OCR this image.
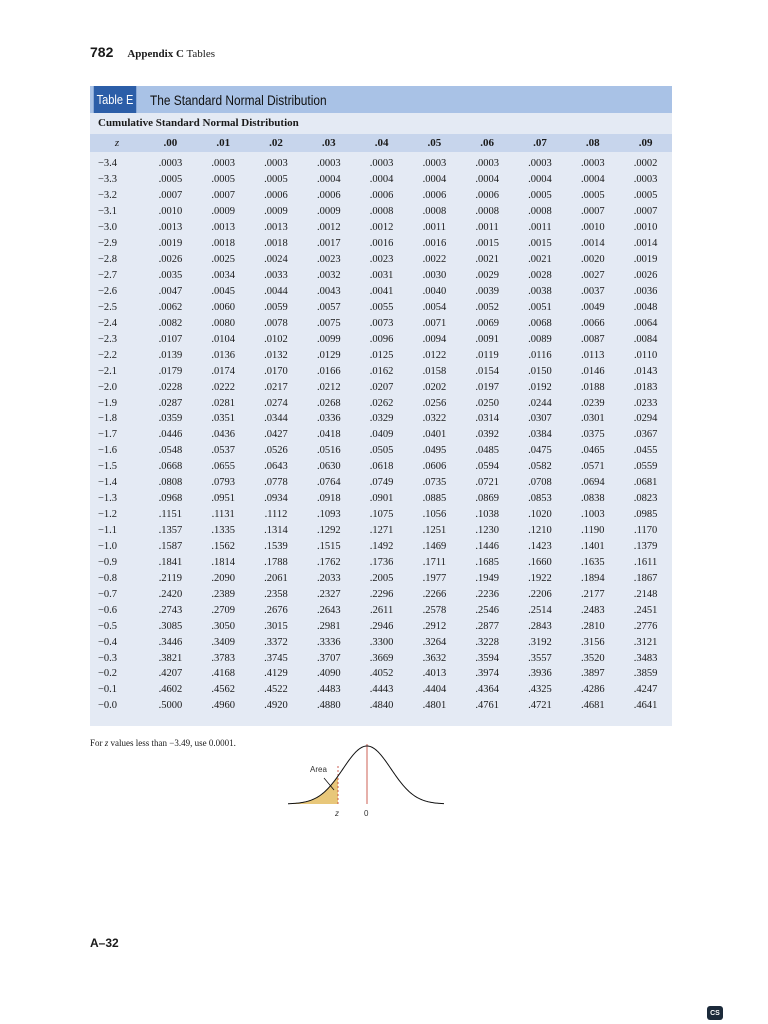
782 Appendix C Tables
Table E The Standard Normal Distribution
Cumulative Standard Normal Distribution
z	.00	.01	.02	.03	.04	.05	.06	.07	.08	.09
−3.4	.0003	.0003	.0003	.0003	.0003	.0003	.0003	.0003	.0003	.0002
−3.3	.0005	.0005	.0005	.0004	.0004	.0004	.0004	.0004	.0004	.0003
−3.2	.0007	.0007	.0006	.0006	.0006	.0006	.0006	.0005	.0005	.0005
−3.1	.0010	.0009	.0009	.0009	.0008	.0008	.0008	.0008	.0007	.0007
−3.0	.0013	.0013	.0013	.0012	.0012	.0011	.0011	.0011	.0010	.0010
−2.9	.0019	.0018	.0018	.0017	.0016	.0016	.0015	.0015	.0014	.0014
−2.8	.0026	.0025	.0024	.0023	.0023	.0022	.0021	.0021	.0020	.0019
−2.7	.0035	.0034	.0033	.0032	.0031	.0030	.0029	.0028	.0027	.0026
−2.6	.0047	.0045	.0044	.0043	.0041	.0040	.0039	.0038	.0037	.0036
−2.5	.0062	.0060	.0059	.0057	.0055	.0054	.0052	.0051	.0049	.0048
−2.4	.0082	.0080	.0078	.0075	.0073	.0071	.0069	.0068	.0066	.0064
−2.3	.0107	.0104	.0102	.0099	.0096	.0094	.0091	.0089	.0087	.0084
−2.2	.0139	.0136	.0132	.0129	.0125	.0122	.0119	.0116	.0113	.0110
−2.1	.0179	.0174	.0170	.0166	.0162	.0158	.0154	.0150	.0146	.0143
−2.0	.0228	.0222	.0217	.0212	.0207	.0202	.0197	.0192	.0188	.0183
−1.9	.0287	.0281	.0274	.0268	.0262	.0256	.0250	.0244	.0239	.0233
−1.8	.0359	.0351	.0344	.0336	.0329	.0322	.0314	.0307	.0301	.0294
−1.7	.0446	.0436	.0427	.0418	.0409	.0401	.0392	.0384	.0375	.0367
−1.6	.0548	.0537	.0526	.0516	.0505	.0495	.0485	.0475	.0465	.0455
−1.5	.0668	.0655	.0643	.0630	.0618	.0606	.0594	.0582	.0571	.0559
−1.4	.0808	.0793	.0778	.0764	.0749	.0735	.0721	.0708	.0694	.0681
−1.3	.0968	.0951	.0934	.0918	.0901	.0885	.0869	.0853	.0838	.0823
−1.2	.1151	.1131	.1112	.1093	.1075	.1056	.1038	.1020	.1003	.0985
−1.1	.1357	.1335	.1314	.1292	.1271	.1251	.1230	.1210	.1190	.1170
−1.0	.1587	.1562	.1539	.1515	.1492	.1469	.1446	.1423	.1401	.1379
−0.9	.1841	.1814	.1788	.1762	.1736	.1711	.1685	.1660	.1635	.1611
−0.8	.2119	.2090	.2061	.2033	.2005	.1977	.1949	.1922	.1894	.1867
−0.7	.2420	.2389	.2358	.2327	.2296	.2266	.2236	.2206	.2177	.2148
−0.6	.2743	.2709	.2676	.2643	.2611	.2578	.2546	.2514	.2483	.2451
−0.5	.3085	.3050	.3015	.2981	.2946	.2912	.2877	.2843	.2810	.2776
−0.4	.3446	.3409	.3372	.3336	.3300	.3264	.3228	.3192	.3156	.3121
−0.3	.3821	.3783	.3745	.3707	.3669	.3632	.3594	.3557	.3520	.3483
−0.2	.4207	.4168	.4129	.4090	.4052	.4013	.3974	.3936	.3897	.3859
−0.1	.4602	.4562	.4522	.4483	.4443	.4404	.4364	.4325	.4286	.4247
−0.0	.5000	.4960	.4920	.4880	.4840	.4801	.4761	.4721	.4681	.4641
For z values less than −3.49, use 0.0001.
Area
z	0
A–32
CS
